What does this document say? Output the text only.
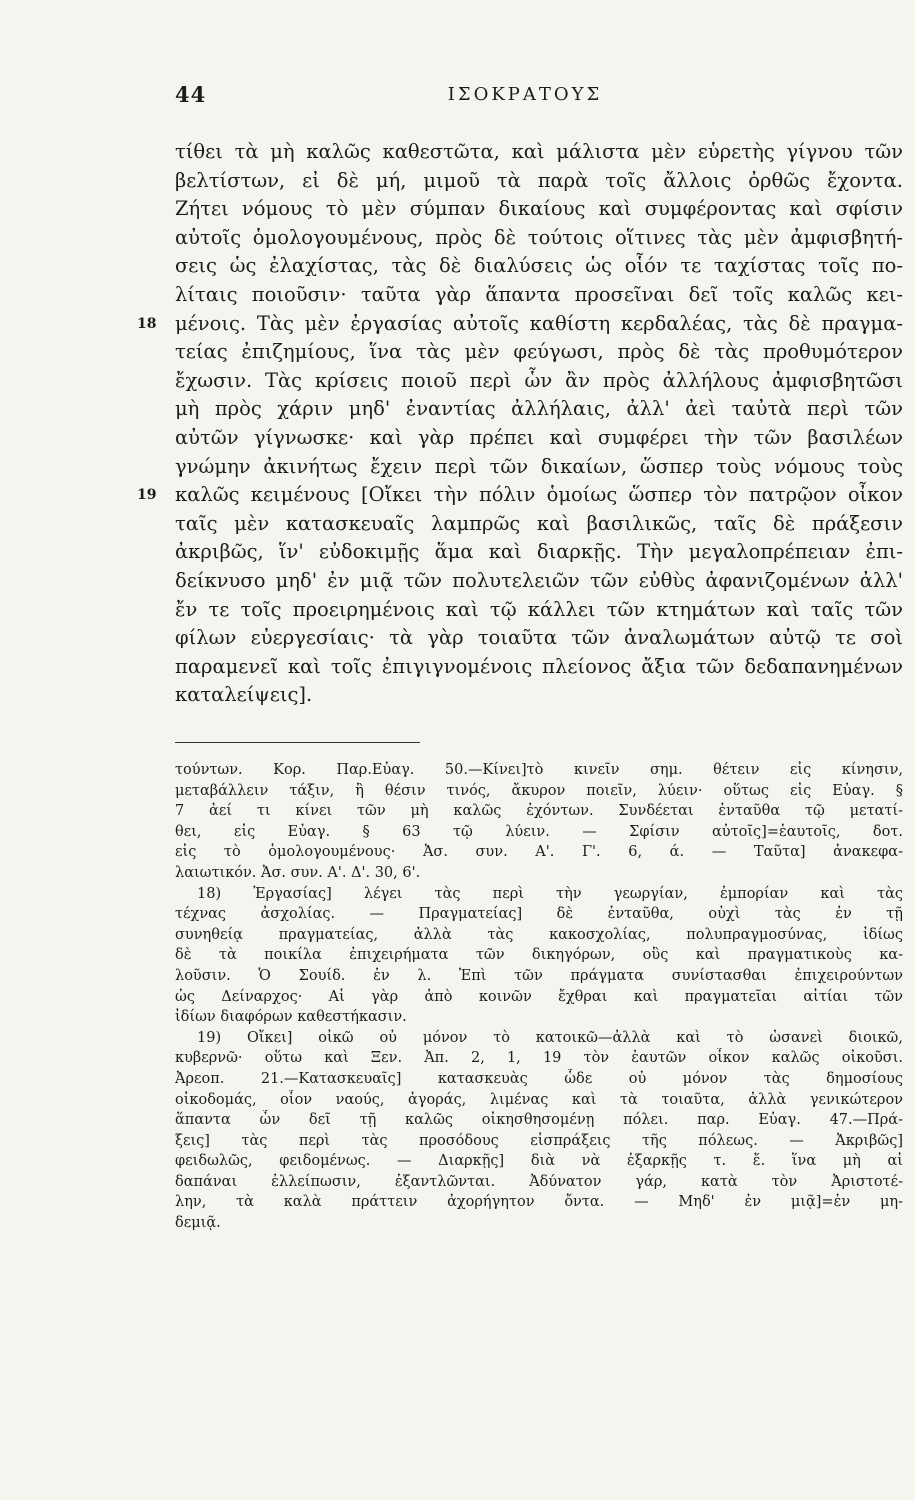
44	ΙΣΟΚΡΑΤΟΥΣ
τίθει τὰ μὴ καλῶς καθεστῶτα, καὶ μάλιστα μὲν εὑρετὴς γίγνου τῶν
βελτίστων, εἰ δὲ μή, μιμοῦ τὰ παρὰ τοῖς ἄλλοις ὀρθῶς ἔχοντα.
Ζήτει νόμους τὸ μὲν σύμπαν δικαίους καὶ συμφέροντας καὶ σφίσιν
αὐτοῖς ὁμολογουμένους, πρὸς δὲ τούτοις οἵτινες τὰς μὲν ἀμφισβητή-
σεις ὡς ἐλαχίστας, τὰς δὲ διαλύσεις ὡς οἷόν τε ταχίστας τοῖς πο-
λίταις ποιοῦσιν· ταῦτα γὰρ ἅπαντα προσεῖναι δεῖ τοῖς καλῶς κει-
18 μένοις. Τὰς μὲν ἐργασίας αὐτοῖς καθίστη κερδαλέας, τὰς δὲ πραγμα-
τείας ἐπιζημίους, ἵνα τὰς μὲν φεύγωσι, πρὸς δὲ τὰς προθυμότερον
ἔχωσιν. Τὰς κρίσεις ποιοῦ περὶ ὧν ἂν πρὸς ἀλλήλους ἀμφισβητῶσι
μὴ πρὸς χάριν μηδ' ἐναντίας ἀλλήλαις, ἀλλ' ἀεὶ ταὐτὰ περὶ τῶν
αὐτῶν γίγνωσκε· καὶ γὰρ πρέπει καὶ συμφέρει τὴν τῶν βασιλέων
γνώμην ἀκινήτως ἔχειν περὶ τῶν δικαίων, ὥσπερ τοὺς νόμους τοὺς
19 καλῶς κειμένους [Οἴκει τὴν πόλιν ὁμοίως ὥσπερ τὸν πατρῷον οἶκον
ταῖς μὲν κατασκευαῖς λαμπρῶς καὶ βασιλικῶς, ταῖς δὲ πράξεσιν
ἀκριβῶς, ἵν' εὐδοκιμῇς ἅμα καὶ διαρκῇς. Τὴν μεγαλοπρέπειαν ἐπι-
δείκνυσο μηδ' ἐν μιᾷ τῶν πολυτελειῶν τῶν εὐθὺς ἀφανιζομένων ἀλλ'
ἔν τε τοῖς προειρημένοις καὶ τῷ κάλλει τῶν κτημάτων καὶ ταῖς τῶν
φίλων εὐεργεσίαις· τὰ γὰρ τοιαῦτα τῶν ἀναλωμάτων αὐτῷ τε σοὶ
παραμενεῖ καὶ τοῖς ἐπιγιγνομένοις πλείονος ἄξια τῶν δεδαπανημένων
καταλείψεις].
τούντων. Κορ. Παρ.Εὐαγ. 50.—Κίνει]τὸ κινεῖν σημ. θέτειν εἰς κίνησιν,
μεταβάλλειν τάξιν, ἢ θέσιν τινός, ἄκυρον ποιεῖν, λύειν· οὕτως εἰς Εὐαγ. §
7 ἀεί τι κίνει τῶν μὴ καλῶς ἐχόντων. Συνδέεται ἐνταῦθα τῷ μετατί-
θει, εἰς Εὐαγ. § 63 τῷ λύειν. — Σφίσιν αὐτοῖς]=ἑαυτοῖς, δοτ.
εἰς τὸ ὁμολογουμένους· Ἀσ. συν. Α'. Γ'. 6, ά. — Ταῦτα] ἀνακεφα-
λαιωτικόν. Ἀσ. συν. Α'. Δ'. 30, 6'.
18) Ἐργασίας] λέγει τὰς περὶ τὴν γεωργίαν, ἐμπορίαν καὶ τὰς
τέχνας ἀσχολίας. — Πραγματείας] δὲ ἐνταῦθα, οὐχὶ τὰς ἐν τῇ
συνηθείᾳ πραγματείας, ἀλλὰ τὰς κακοσχολίας, πολυπραγμοσύνας, ἰδίως
δὲ τὰ ποικίλα ἐπιχειρήματα τῶν δικηγόρων, οὓς καὶ πραγματικοὺς κα-
λοῦσιν. Ὁ Σουίδ. ἐν λ. Ἐπὶ τῶν πράγματα συνίστασθαι ἐπιχειρούντων
ὡς Δείναρχος· Αἱ γὰρ ἀπὸ κοινῶν ἔχθραι καὶ πραγματεῖαι αἰτίαι τῶν
ἰδίων διαφόρων καθεστήκασιν.
19) Οἴκει] οἰκῶ οὐ μόνον τὸ κατοικῶ—ἀλλὰ καὶ τὸ ὡσανεὶ διοικῶ,
κυβερνῶ· οὕτω καὶ Ξεν. Ἀπ. 2, 1, 19 τὸν ἑαυτῶν οἶκον καλῶς οἰκοῦσι.
Ἀρεοπ. 21.—Κατασκευαῖς] κατασκευὰς ὧδε οὐ μόνον τὰς δημοσίους
οἰκοδομάς, οἷον ναούς, ἀγοράς, λιμένας καὶ τὰ τοιαῦτα, ἀλλὰ γενικώτερον
ἅπαντα ὧν δεῖ τῇ καλῶς οἰκησθησομένῃ πόλει. παρ. Εὐαγ. 47.—Πρά-
ξεις] τὰς περὶ τὰς προσόδους εἰσπράξεις τῆς πόλεως. — Ἀκριβῶς]
φειδωλῶς, φειδομένως. — Διαρκῇς] διὰ νὰ ἐξαρκῇς τ. ἔ. ἵνα μὴ αἱ
δαπάναι ἐλλείπωσιν, ἐξαντλῶνται. Ἀδύνατον γάρ, κατὰ τὸν Ἀριστοτέ-
λην, τὰ καλὰ πράττειν ἀχορήγητον ὄντα. — Μηδ' ἐν μιᾷ]=ἐν μη-
δεμιᾷ.
